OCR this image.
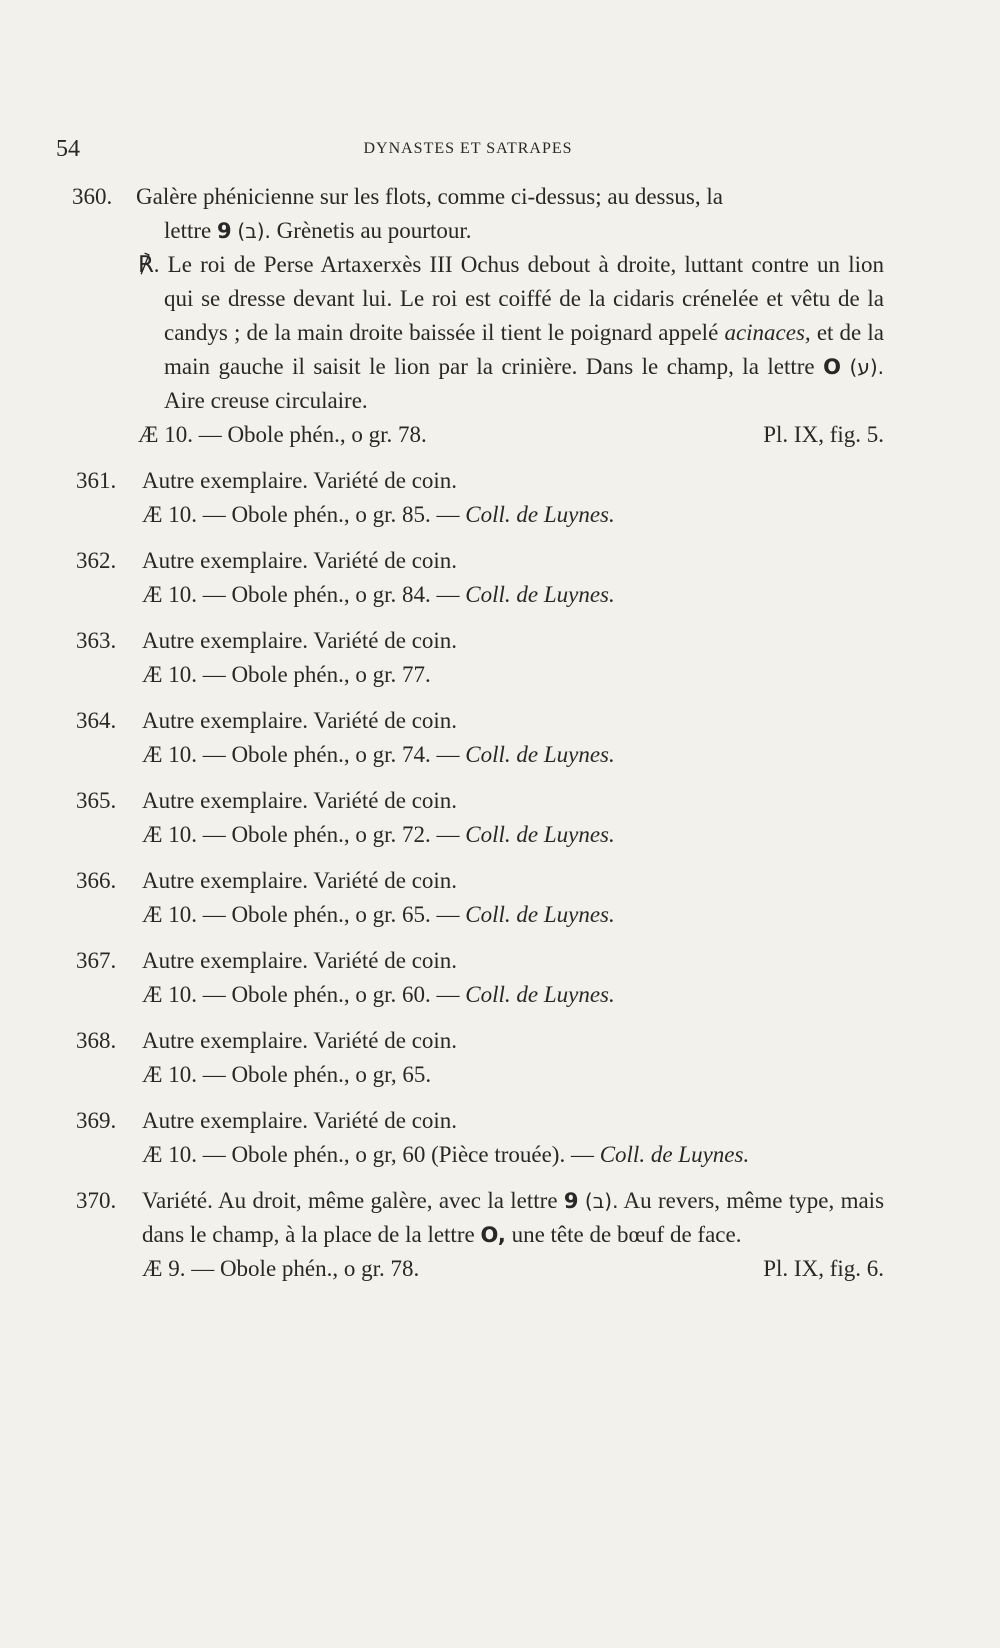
54	DYNASTES ET SATRAPES
360.	Galère phénicienne sur les flots, comme ci-dessus; au dessus, la

lettre 9 (ב). Grènetis au pourtour.

℟. Le roi de Perse Artaxerxès III Ochus debout à droite, luttant contre un lion qui se dresse devant lui. Le roi est coiffé de la cidaris crénelée et vêtu de la candys ; de la main droite baissée il tient le poignard appelé acinaces, et de la main gauche il saisit le lion par la crinière. Dans le champ, la lettre O (ע). Aire creuse circulaire.

Æ 10. — Obole phén., o gr. 78.	Pl. IX, fig. 5.
361.	Autre exemplaire. Variété de coin.

Æ 10. — Obole phén., o gr. 85. — Coll. de Luynes.
362.	Autre exemplaire. Variété de coin.

Æ 10. — Obole phén., o gr. 84. — Coll. de Luynes.
363.	Autre exemplaire. Variété de coin.

Æ 10. — Obole phén., o gr. 77.
364.	Autre exemplaire. Variété de coin.

Æ 10. — Obole phén., o gr. 74. — Coll. de Luynes.
365.	Autre exemplaire. Variété de coin.

Æ 10. — Obole phén., o gr. 72. — Coll. de Luynes.
366.	Autre exemplaire. Variété de coin.

Æ 10. — Obole phén., o gr. 65. — Coll. de Luynes.
367.	Autre exemplaire. Variété de coin.

Æ 10. — Obole phén., o gr. 60. — Coll. de Luynes.
368.	Autre exemplaire. Variété de coin.

Æ 10. — Obole phén., o gr, 65.
369.	Autre exemplaire. Variété de coin.

Æ 10. — Obole phén., o gr, 60 (Pièce trouée). — Coll. de Luynes.
370.	Variété. Au droit, même galère, avec la lettre 9 (ב). Au revers, même type, mais dans le champ, à la place de la lettre O, une tête de bœuf de face.

Æ 9. — Obole phén., o gr. 78.	Pl. IX, fig. 6.
